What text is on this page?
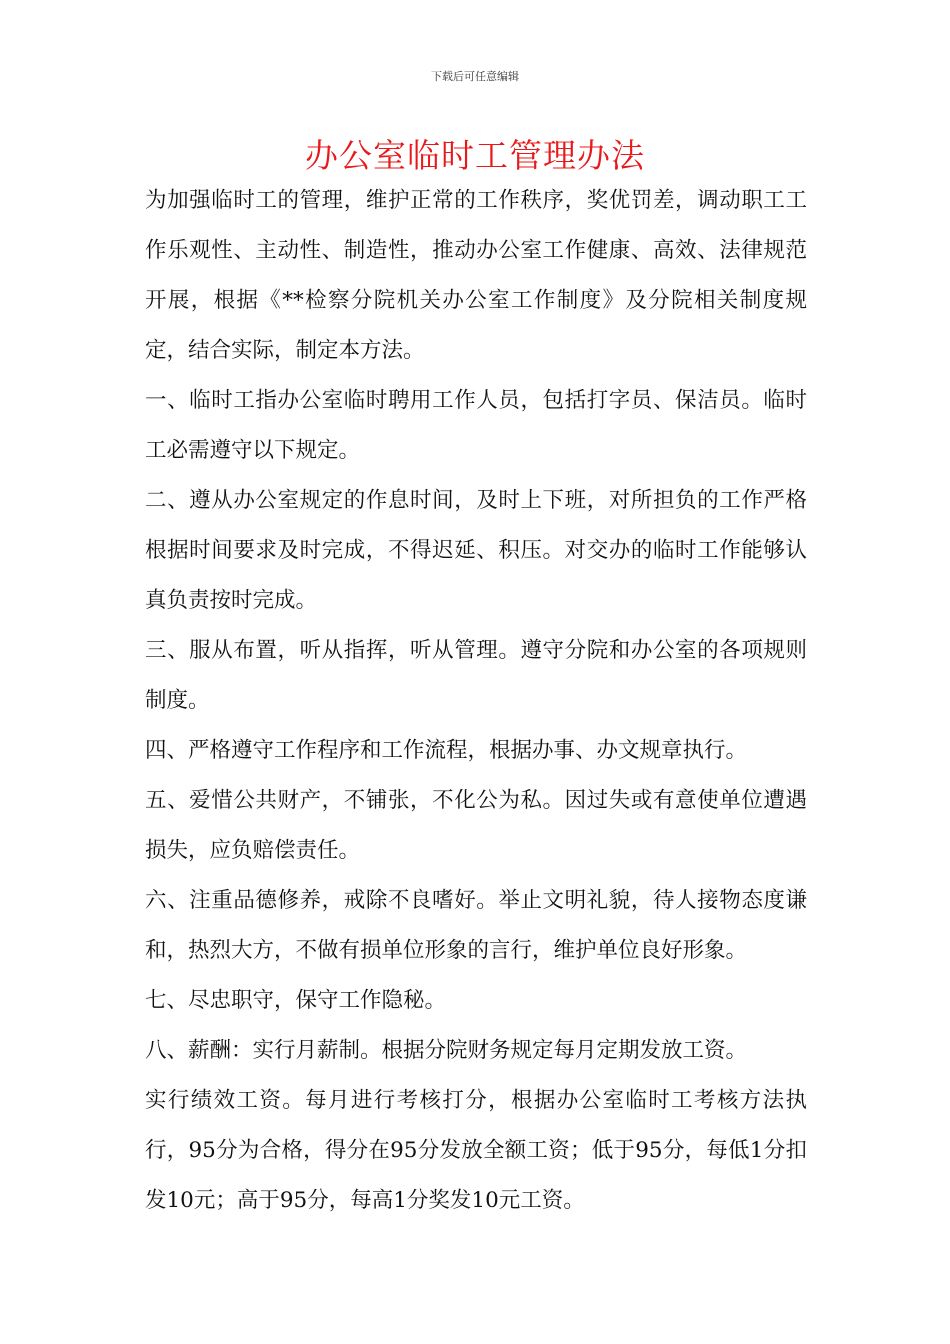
下载后可任意编辑
办公室临时工管理办法

为加强临时工的管理，维护正常的工作秩序，奖优罚差，调动职工工作乐观性、主动性、制造性，推动办公室工作健康、高效、法律规范开展，根据《**检察分院机关办公室工作制度》及分院相关制度规定，结合实际，制定本方法。

一、临时工指办公室临时聘用工作人员，包括打字员、保洁员。临时工必需遵守以下规定。

二、遵从办公室规定的作息时间，及时上下班，对所担负的工作严格根据时间要求及时完成，不得迟延、积压。对交办的临时工作能够认真负责按时完成。

三、服从布置，听从指挥，听从管理。遵守分院和办公室的各项规则制度。

四、严格遵守工作程序和工作流程，根据办事、办文规章执行。

五、爱惜公共财产，不铺张，不化公为私。因过失或有意使单位遭遇损失，应负赔偿责任。

六、注重品德修养，戒除不良嗜好。举止文明礼貌，待人接物态度谦和，热烈大方，不做有损单位形象的言行，维护单位良好形象。

七、尽忠职守，保守工作隐秘。

八、薪酬：实行月薪制。根据分院财务规定每月定期发放工资。

实行绩效工资。每月进行考核打分，根据办公室临时工考核方法执行，95分为合格，得分在95分发放全额工资；低于95分，每低1分扣发10元；高于95分，每高1分奖发10元工资。
